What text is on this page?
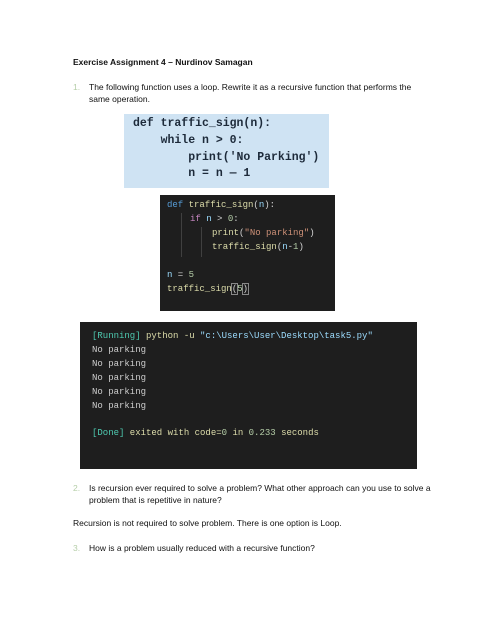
Exercise Assignment 4 – Nurdinov Samagan
1. The following function uses a loop. Rewrite it as a recursive function that performs the same operation.
def traffic_sign(n):
while n > 0:
print('No Parking')
n = n — 1
def traffic_sign(n):
if n > 0:
print("No parking")
traffic_sign(n-1)
n = 5
traffic_sign(5)
[Running] python -u "c:\Users\User\Desktop\task5.py"
No parking
No parking
No parking
No parking
No parking
[Done] exited with code=0 in 0.233 seconds
2. Is recursion ever required to solve a problem? What other approach can you use to solve a problem that is repetitive in nature?
Recursion is not required to solve problem. There is one option is Loop.
3. How is a problem usually reduced with a recursive function?
